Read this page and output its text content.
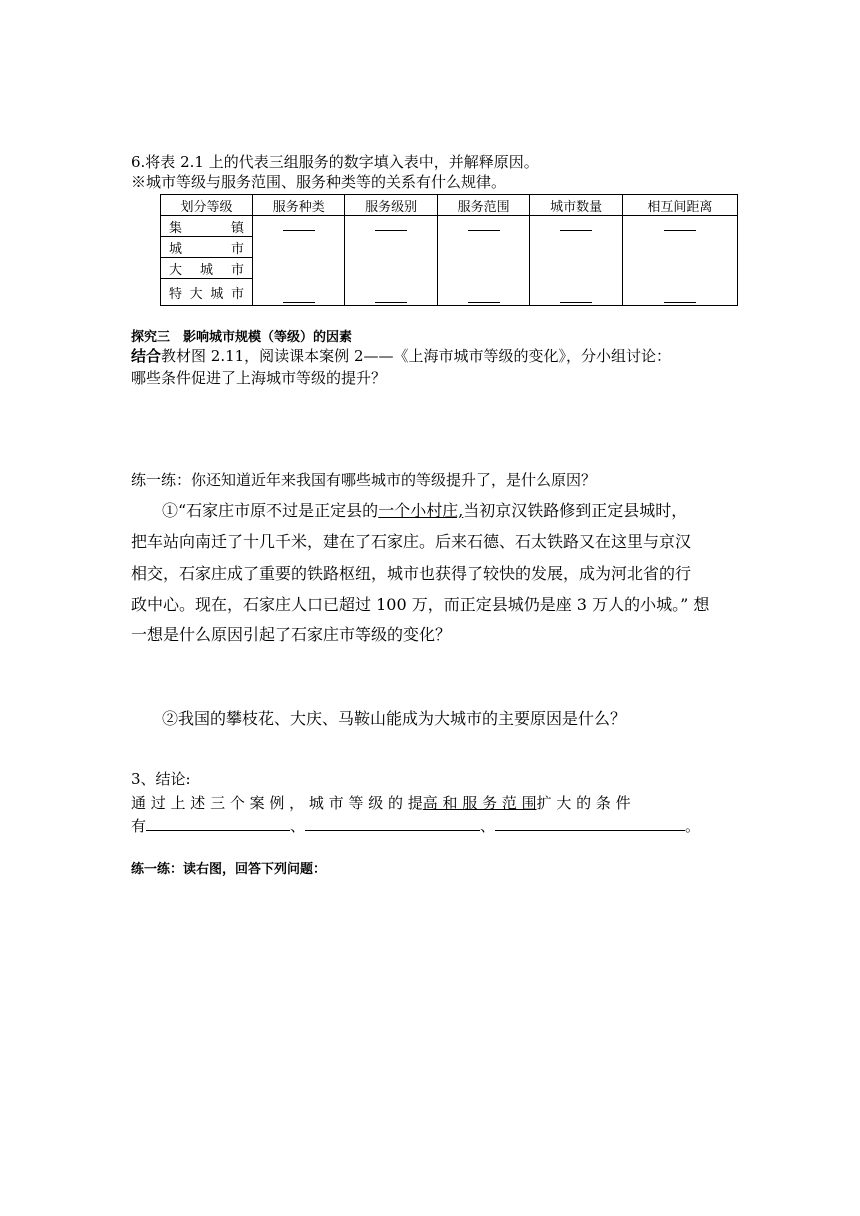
6.将表 2.1 上的代表三组服务的数字填入表中，并解释原因。
※城市等级与服务范围、服务种类等的关系有什么规律。
划分等级	服务种类	服务级别	服务范围	城市数量	相互间距离
集　镇	

城　　市					
大 城 市					
特大城市					
探究三　影响城市规模（等级）的因素
结合教材图 2.11，阅读课本案例 2——《上海市城市等级的变化》，分小组讨论：
哪些条件促进了上海城市等级的提升？
练一练：你还知道近年来我国有哪些城市的等级提升了，是什么原因？
①“石家庄市原不过是正定县的一个小村庄,当初京汉铁路修到正定县城时，
把车站向南迁了十几千米，建在了石家庄。后来石德、石太铁路又在这里与京汉
相交，石家庄成了重要的铁路枢纽，城市也获得了较快的发展，成为河北省的行
政中心。现在，石家庄人口已超过 100 万，而正定县城仍是座 3 万人的小城。” 想
一想是什么原因引起了石家庄市等级的变化？
②我国的攀枝花、大庆、马鞍山能成为大城市的主要原因是什么？
3、结论:
通 过 上 述 三 个 案 例 ， 城 市 等 级 的 提高 和 服 务 范 围扩 大 的 条 件
有	、	、	。
练一练：读右图，回答下列问题：
